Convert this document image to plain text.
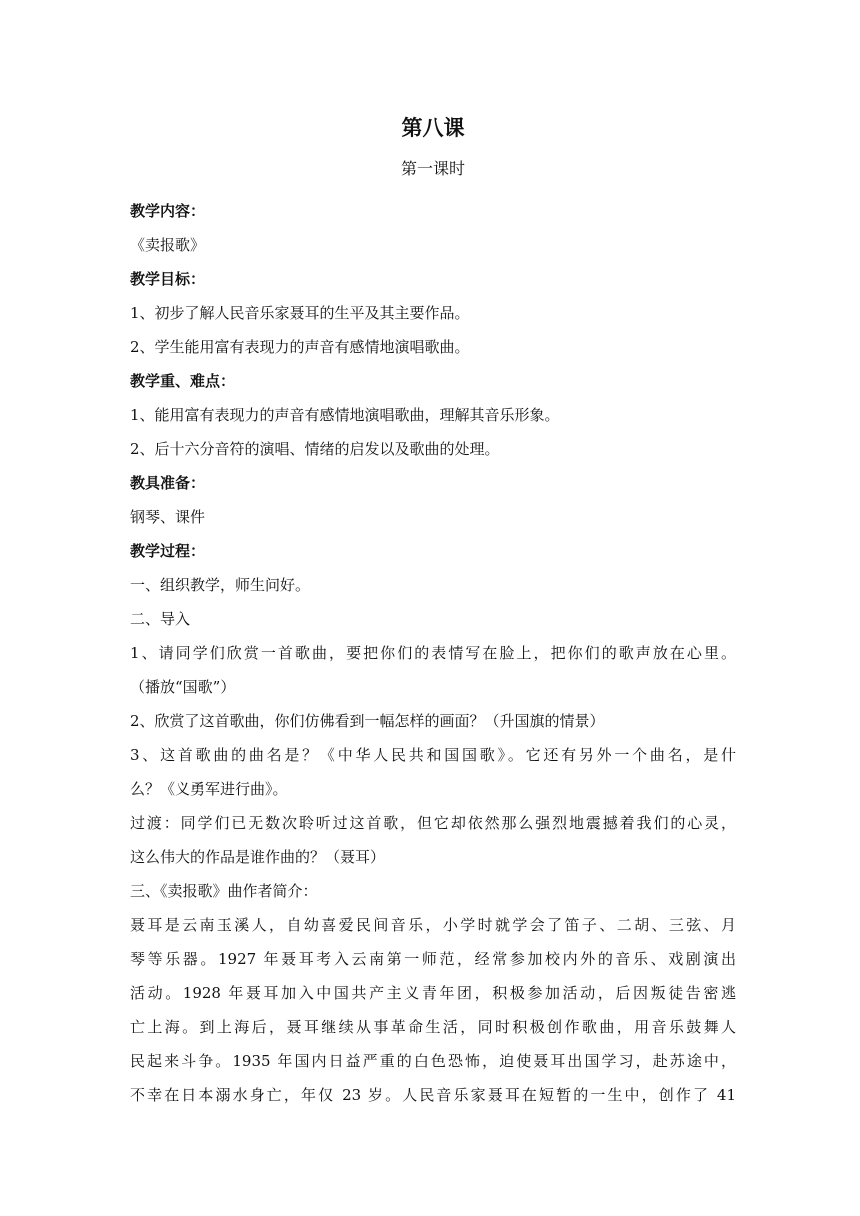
第八课
第一课时
教学内容：
《卖报歌》
教学目标：
1、初步了解人民音乐家聂耳的生平及其主要作品。
2、学生能用富有表现力的声音有感情地演唱歌曲。
教学重、难点：
1、能用富有表现力的声音有感情地演唱歌曲，理解其音乐形象。
2、后十六分音符的演唱、情绪的启发以及歌曲的处理。
教具准备：
钢琴、课件
教学过程：
一、组织教学，师生问好。
二、导入
1、请同学们欣赏一首歌曲，要把你们的表情写在脸上，把你们的歌声放在心里。
（播放“国歌”）
2、欣赏了这首歌曲，你们仿佛看到一幅怎样的画面？（升国旗的情景）
3、这首歌曲的曲名是？《中华人民共和国国歌》。它还有另外一个曲名，是什
么？《义勇军进行曲》。
过渡：同学们已无数次聆听过这首歌，但它却依然那么强烈地震撼着我们的心灵，
这么伟大的作品是谁作曲的？（聂耳）
三、《卖报歌》曲作者简介：
聂耳是云南玉溪人，自幼喜爱民间音乐，小学时就学会了笛子、二胡、三弦、月
琴等乐器。1927 年聂耳考入云南第一师范，经常参加校内外的音乐、戏剧演出
活动。1928 年聂耳加入中国共产主义青年团，积极参加活动，后因叛徒告密逃
亡上海。到上海后，聂耳继续从事革命生活，同时积极创作歌曲，用音乐鼓舞人
民起来斗争。1935 年国内日益严重的白色恐怖，迫使聂耳出国学习，赴苏途中，
不幸在日本溺水身亡，年仅 23 岁。人民音乐家聂耳在短暂的一生中，创作了 41
